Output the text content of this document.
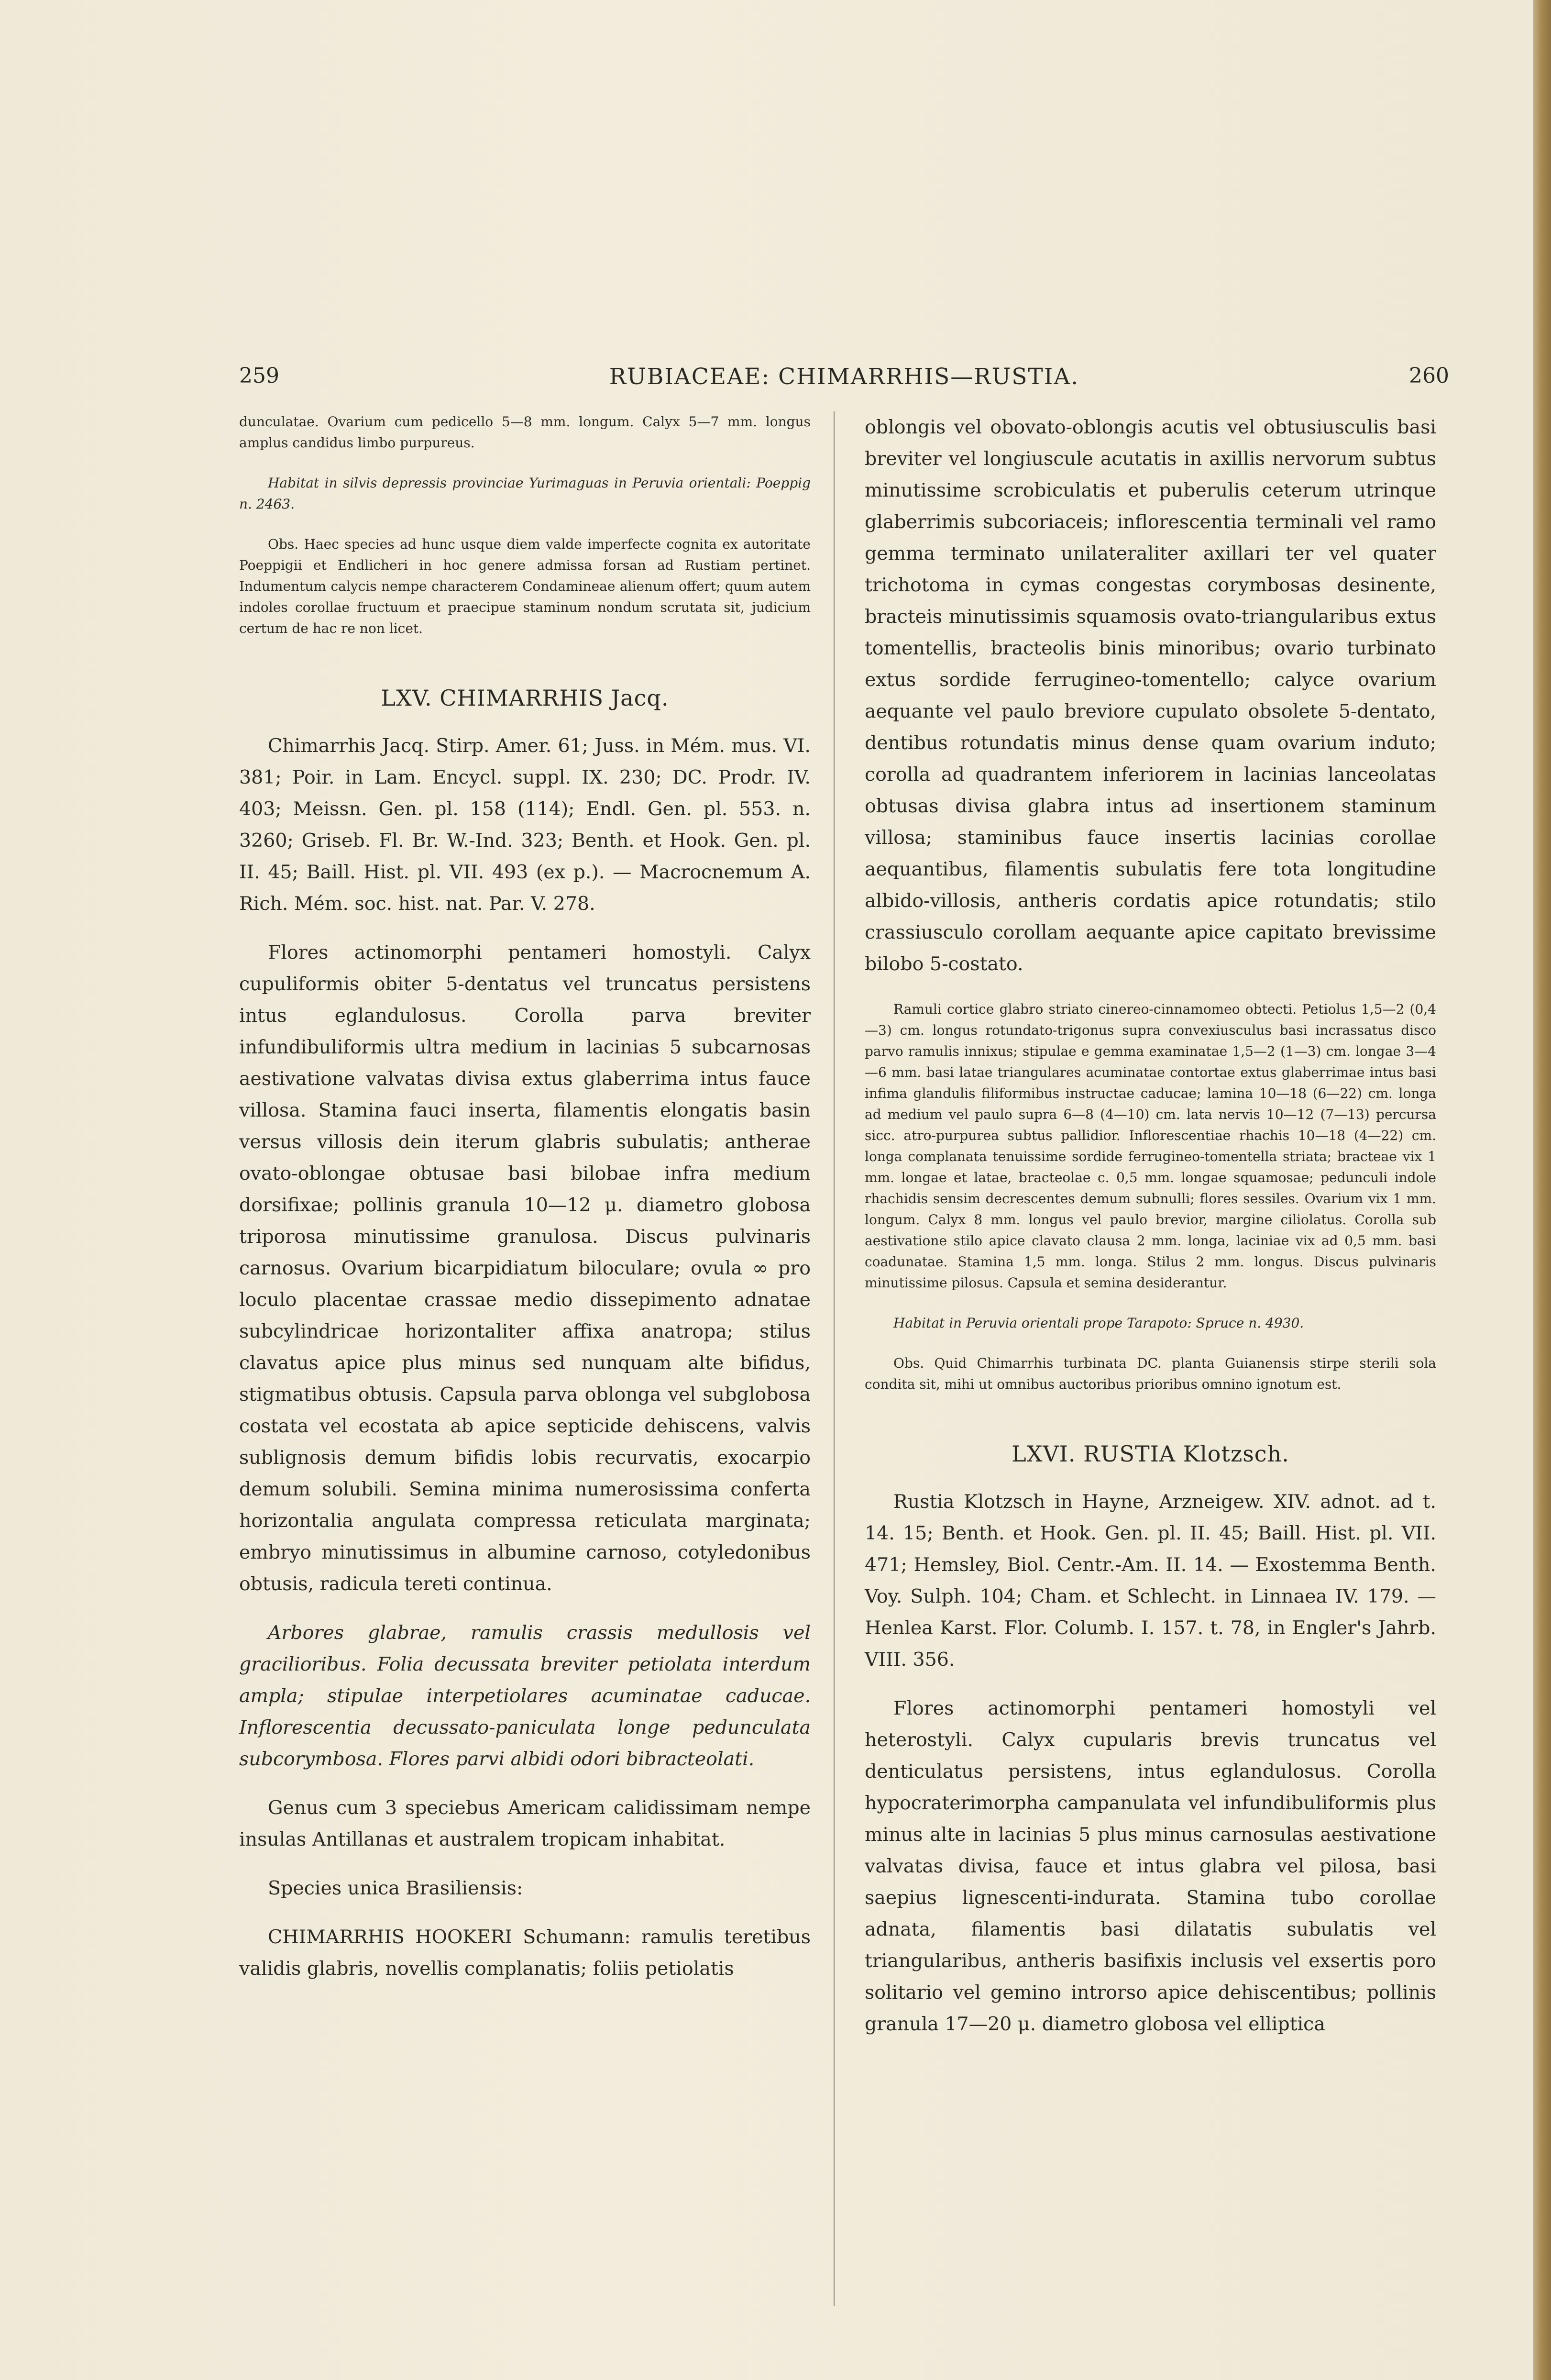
259	RUBIACEAE: CHIMARRHIS—RUSTIA.	260

dunculatae. Ovarium cum pedicello 5—8 mm. longum. Calyx 5—7 mm. longus amplus candidus limbo purpureus.

Habitat in silvis depressis provinciae Yurimaguas in Peruvia orientali: Poeppig n. 2463.

Obs. Haec species ad hunc usque diem valde imperfecte cognita ex autoritate Poeppigii et Endlicheri in hoc genere admissa forsan ad Rustiam pertinet. Indumentum calycis nempe characterem Condamineae alienum offert; quum autem indoles corollae fructuum et praecipue staminum nondum scrutata sit, judicium certum de hac re non licet.

LXV. CHIMARRHIS Jacq.

Chimarrhis Jacq. Stirp. Amer. 61; Juss. in Mém. mus. VI. 381; Poir. in Lam. Encycl. suppl. IX. 230; DC. Prodr. IV. 403; Meissn. Gen. pl. 158 (114); Endl. Gen. pl. 553. n. 3260; Griseb. Fl. Br. W.-Ind. 323; Benth. et Hook. Gen. pl. II. 45; Baill. Hist. pl. VII. 493 (ex p.). — Macrocnemum A. Rich. Mém. soc. hist. nat. Par. V. 278.

Flores actinomorphi pentameri homostyli. Calyx cupuliformis obiter 5-dentatus vel truncatus persistens intus eglandulosus. Corolla parva breviter infundibuliformis ultra medium in lacinias 5 subcarnosas aestivatione valvatas divisa extus glaberrima intus fauce villosa. Stamina fauci inserta, filamentis elongatis basin versus villosis dein iterum glabris subulatis; antherae ovato-oblongae obtusae basi bilobae infra medium dorsifixae; pollinis granula 10—12 μ. diametro globosa triporosa minutissime granulosa. Discus pulvinaris carnosus. Ovarium bicarpidiatum biloculare; ovula ∞ pro loculo placentae crassae medio dissepimento adnatae subcylindricae horizontaliter affixa anatropa; stilus clavatus apice plus minus sed nunquam alte bifidus, stigmatibus obtusis. Capsula parva oblonga vel subglobosa costata vel ecostata ab apice septicide dehiscens, valvis sublignosis demum bifidis lobis recurvatis, exocarpio demum solubili. Semina minima numerosissima conferta horizontalia angulata compressa reticulata marginata; embryo minutissimus in albumine carnoso, cotyledonibus obtusis, radicula tereti continua.

Arbores glabrae, ramulis crassis medullosis vel gracilioribus. Folia decussata breviter petiolata interdum ampla; stipulae interpetiolares acuminatae caducae. Inflorescentia decussato-paniculata longe pedunculata subcorymbosa. Flores parvi albidi odori bibracteolati.

Genus cum 3 speciebus Americam calidissimam nempe insulas Antillanas et australem tropicam inhabitat.

Species unica Brasiliensis:

CHIMARRHIS HOOKERI Schumann: ramulis teretibus validis glabris, novellis complanatis; foliis petiolatis

oblongis vel obovato-oblongis acutis vel obtusiusculis basi breviter vel longiuscule acutatis in axillis nervorum subtus minutissime scrobiculatis et puberulis ceterum utrinque glaberrimis subcoriaceis; inflorescentia terminali vel ramo gemma terminato unilateraliter axillari ter vel quater trichotoma in cymas congestas corymbosas desinente, bracteis minutissimis squamosis ovato-triangularibus extus tomentellis, bracteolis binis minoribus; ovario turbinato extus sordide ferrugineo-tomentello; calyce ovarium aequante vel paulo breviore cupulato obsolete 5-dentato, dentibus rotundatis minus dense quam ovarium induto; corolla ad quadrantem inferiorem in lacinias lanceolatas obtusas divisa glabra intus ad insertionem staminum villosa; staminibus fauce insertis lacinias corollae aequantibus, filamentis subulatis fere tota longitudine albido-villosis, antheris cordatis apice rotundatis; stilo crassiusculo corollam aequante apice capitato brevissime bilobo 5-costato.

Ramuli cortice glabro striato cinereo-cinnamomeo obtecti. Petiolus 1,5—2 (0,4—3) cm. longus rotundato-trigonus supra convexiusculus basi incrassatus disco parvo ramulis innixus; stipulae e gemma examinatae 1,5—2 (1—3) cm. longae 3—4—6 mm. basi latae triangulares acuminatae contortae extus glaberrimae intus basi infima glandulis filiformibus instructae caducae; lamina 10—18 (6—22) cm. longa ad medium vel paulo supra 6—8 (4—10) cm. lata nervis 10—12 (7—13) percursa sicc. atro-purpurea subtus pallidior. Inflorescentiae rhachis 10—18 (4—22) cm. longa complanata tenuissime sordide ferrugineo-tomentella striata; bracteae vix 1 mm. longae et latae, bracteolae c. 0,5 mm. longae squamosae; pedunculi indole rhachidis sensim decrescentes demum subnulli; flores sessiles. Ovarium vix 1 mm. longum. Calyx 8 mm. longus vel paulo brevior, margine ciliolatus. Corolla sub aestivatione stilo apice clavato clausa 2 mm. longa, laciniae vix ad 0,5 mm. basi coadunatae. Stamina 1,5 mm. longa. Stilus 2 mm. longus. Discus pulvinaris minutissime pilosus. Capsula et semina desiderantur.

Habitat in Peruvia orientali prope Tarapoto: Spruce n. 4930.

Obs. Quid Chimarrhis turbinata DC. planta Guianensis stirpe sterili sola condita sit, mihi ut omnibus auctoribus prioribus omnino ignotum est.

LXVI. RUSTIA Klotzsch.

Rustia Klotzsch in Hayne, Arzneigew. XIV. adnot. ad t. 14. 15; Benth. et Hook. Gen. pl. II. 45; Baill. Hist. pl. VII. 471; Hemsley, Biol. Centr.-Am. II. 14. — Exostemma Benth. Voy. Sulph. 104; Cham. et Schlecht. in Linnaea IV. 179. — Henlea Karst. Flor. Columb. I. 157. t. 78, in Engler's Jahrb. VIII. 356.

Flores actinomorphi pentameri homostyli vel heterostyli. Calyx cupularis brevis truncatus vel denticulatus persistens, intus eglandulosus. Corolla hypocraterimorpha campanulata vel infundibuliformis plus minus alte in lacinias 5 plus minus carnosulas aestivatione valvatas divisa, fauce et intus glabra vel pilosa, basi saepius lignescenti-indurata. Stamina tubo corollae adnata, filamentis basi dilatatis subulatis vel triangularibus, antheris basifixis inclusis vel exsertis poro solitario vel gemino introrso apice dehiscentibus; pollinis granula 17—20 μ. diametro globosa vel elliptica
